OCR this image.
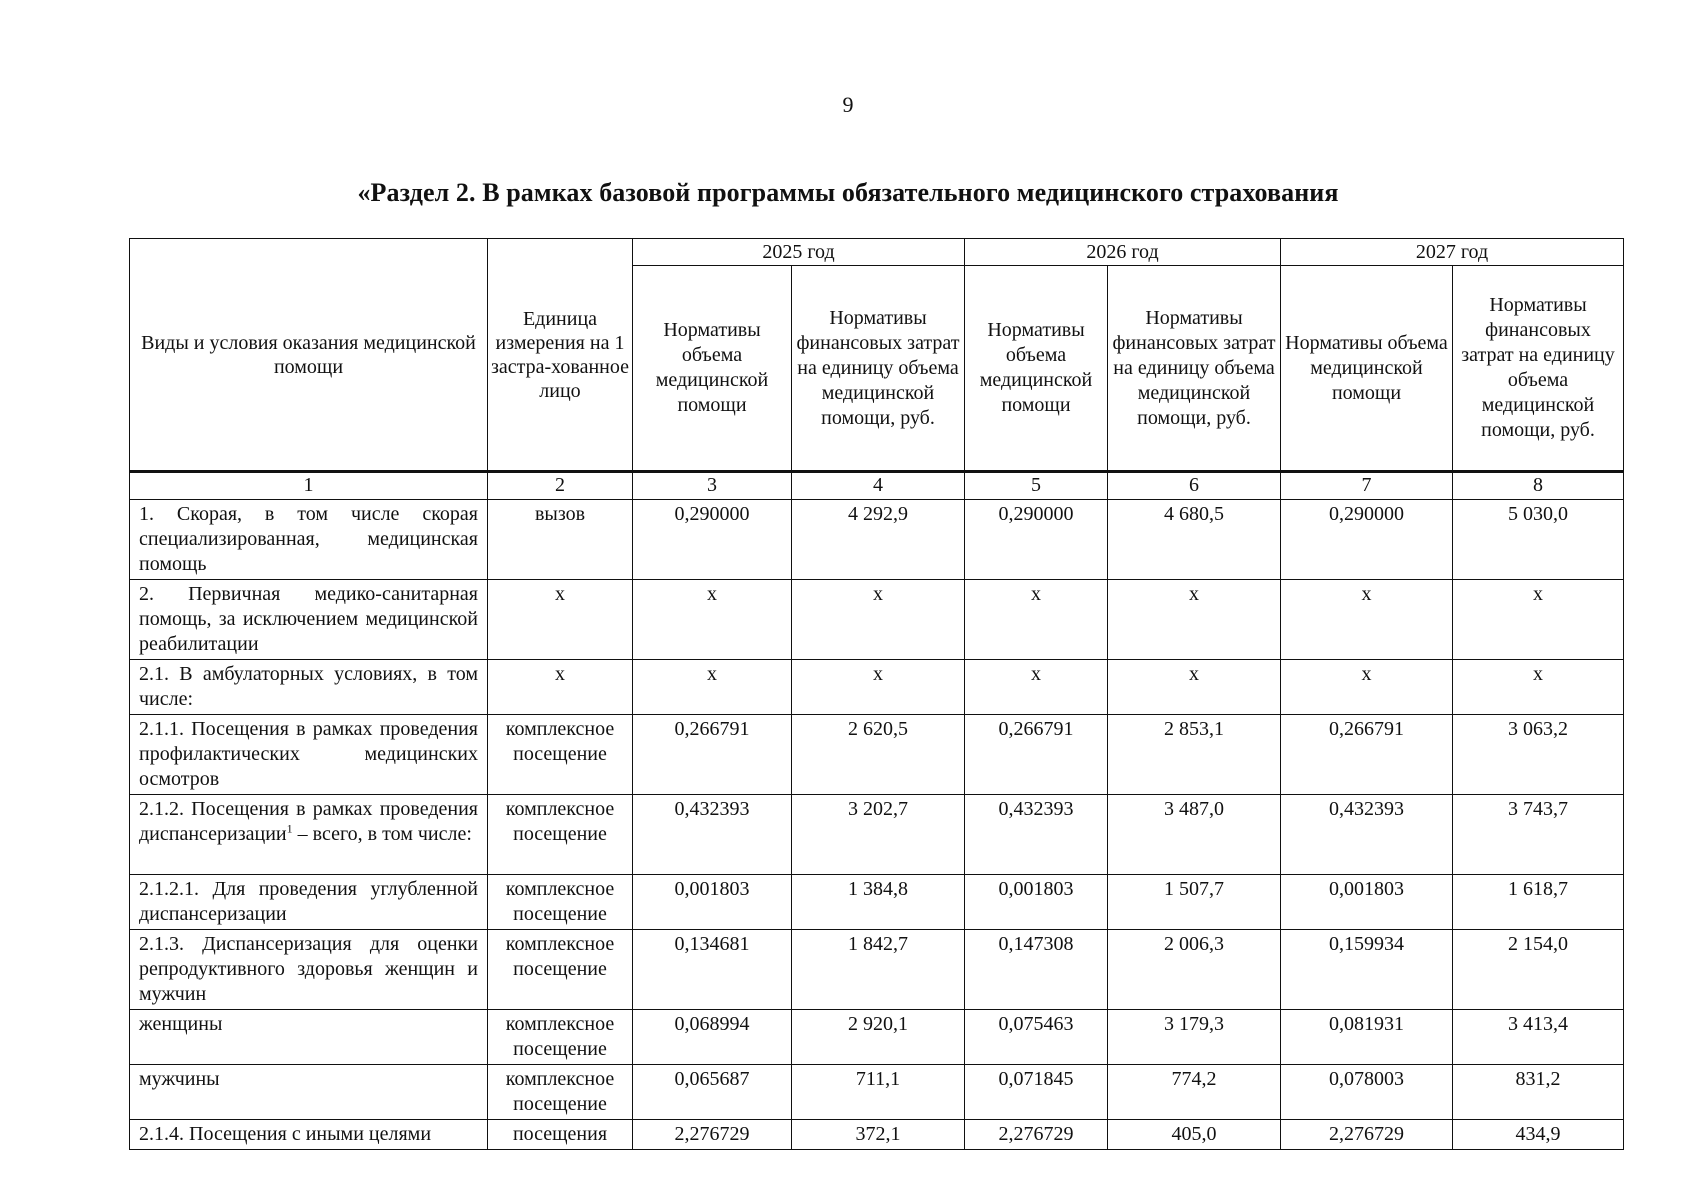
9
«Раздел 2. В рамках базовой программы обязательного медицинского страхования
Виды и условия оказания медицинской помощи	Единица измерения на 1 застра-хованное лицо	2025 год		2026 год		2027 год	
		Нормативы объема медицинской помощи	Нормативы финансовых затрат на единицу объема медицинской помощи, руб.	Нормативы объема медицинской помощи	Нормативы финансовых затрат на единицу объема медицинской помощи, руб.	Нормативы объема медицинской помощи	Нормативы финансовых затрат на единицу объема медицинской помощи, руб.
1	2	3	4	5	6	7	8
1. Скорая, в том числе скорая специализированная, медицинская помощь	вызов	0,290000	4 292,9	0,290000	4 680,5	0,290000	5 030,0
2. Первичная медико-санитарная помощь, за исключением медицинской реабилитации	х	х	х	х	х	х	х
2.1. В амбулаторных условиях, в том числе:	х	х	х	х	х	х	х
2.1.1. Посещения в рамках проведения профилактических медицинских осмотров	комплексное посещение	0,266791	2 620,5	0,266791	2 853,1	0,266791	3 063,2
2.1.2. Посещения в рамках проведения диспансеризации$^1$ – всего, в том числе:	комплексное посещение	0,432393	3 202,7	0,432393	3 487,0	0,432393	3 743,7
2.1.2.1. Для проведения углубленной диспансеризации	комплексное посещение	0,001803	1 384,8	0,001803	1 507,7	0,001803	1 618,7
2.1.3. Диспансеризация для оценки репродуктивного здоровья женщин и мужчин	комплексное посещение	0,134681	1 842,7	0,147308	2 006,3	0,159934	2 154,0
женщины	комплексное посещение	0,068994	2 920,1	0,075463	3 179,3	0,081931	3 413,4
мужчины	комплексное посещение	0,065687	711,1	0,071845	774,2	0,078003	831,2
2.1.4. Посещения с иными целями	посещения	2,276729	372,1	2,276729	405,0	2,276729	434,9
